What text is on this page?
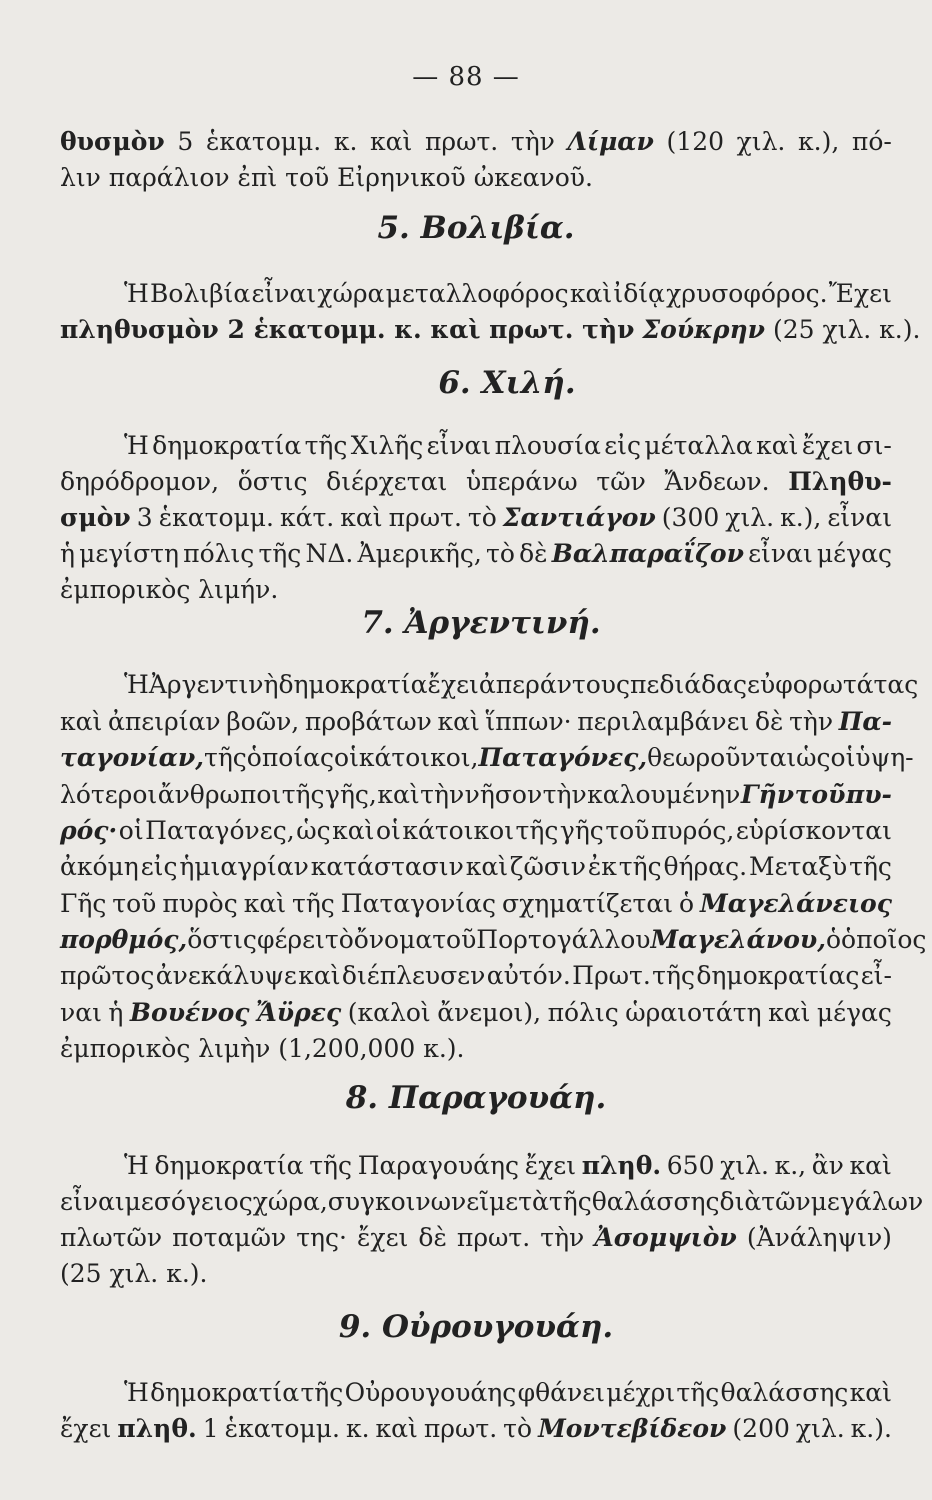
— 88 —
θυσμὸν 5 ἑκατομμ. κ. καὶ πρωτ. τὴν Λίμαν (120 χιλ. κ.), πό-
λιν παράλιον ἐπὶ τοῦ Εἰρηνικοῦ ὠκεανοῦ.
Ἡ Βολιβία εἶναι χώρα μεταλλοφόρος καὶ ἰδίᾳ χρυσοφόρος. Ἔχει
πληθυσμὸν 2 ἑκατομμ. κ. καὶ πρωτ. τὴν Σούκρην (25 χιλ. κ.).
Ἡ δημοκρατία τῆς Χιλῆς εἶναι πλουσία εἰς μέταλλα καὶ ἔχει σι-
δηρόδρομον, ὅστις διέρχεται ὑπεράνω τῶν Ἄνδεων. Πληθυ-
σμὸν 3 ἑκατομμ. κάτ. καὶ πρωτ. τὸ Σαντιάγον (300 χιλ. κ.), εἶναι
ἡ μεγίστη πόλις τῆς ΝΔ. Ἀμερικῆς, τὸ δὲ Βαλπαραΐζον εἶναι μέγας
ἐμπορικὸς λιμήν.
Ἡ Ἀργεντινὴ δημοκρατία ἔχει ἀπεράντους πεδιάδας εὐφορωτάτας
καὶ ἀπειρίαν βοῶν, προβάτων καὶ ἵππων· περιλαμβάνει δὲ τὴν Πα-
ταγονίαν, τῆς ὁποίας οἱ κάτοικοι, Παταγόνες, θεωροῦνται ὡς οἱ ὑψη-
λότεροι ἄνθρωποι τῆς γῆς, καὶ τὴν νῆσον τὴν καλουμένην Γῆν τοῦ πυ-
ρός· οἱ Παταγόνες, ὡς καὶ οἱ κάτοικοι τῆς γῆς τοῦ πυρός, εὑρίσκονται
ἀκόμη εἰς ἡμιαγρίαν κατάστασιν καὶ ζῶσιν ἐκ τῆς θήρας. Μεταξὺ τῆς
Γῆς τοῦ πυρὸς καὶ τῆς Παταγονίας σχηματίζεται ὁ Μαγελάνειος
πορθμός, ὅστις φέρει τὸ ὄνομα τοῦ Πορτογάλλου Μαγελάνου, ὁ ὁποῖος
πρῶτος ἀνεκάλυψε καὶ διέπλευσεν αὐτόν. Πρωτ. τῆς δημοκρατίας εἶ-
ναι ἡ Βουένος Ἄϋρες (καλοὶ ἄνεμοι), πόλις ὡραιοτάτη καὶ μέγας
ἐμπορικὸς λιμὴν (1,200,000 κ.).
Ἡ δημοκρατία τῆς Παραγουάης ἔχει πληθ. 650 χιλ. κ., ἂν καὶ
εἶναι μεσόγειος χώρα, συγκοινωνεῖ μετὰ τῆς θαλάσσης διὰ τῶν μεγάλων
πλωτῶν ποταμῶν της· ἔχει δὲ πρωτ. τὴν Ἀσομψιὸν (Ἀνάληψιν)
(25 χιλ. κ.).
Ἡ δημοκρατία τῆς Οὐρουγουάης φθάνει μέχρι τῆς θαλάσσης καὶ
ἔχει πληθ. 1 ἑκατομμ. κ. καὶ πρωτ. τὸ Μοντεβίδεον (200 χιλ. κ.).
5. Βολιβία.
6. Χιλή.
7. Ἀργεντινή.
8. Παραγουάη.
9. Οὐρουγουάη.
